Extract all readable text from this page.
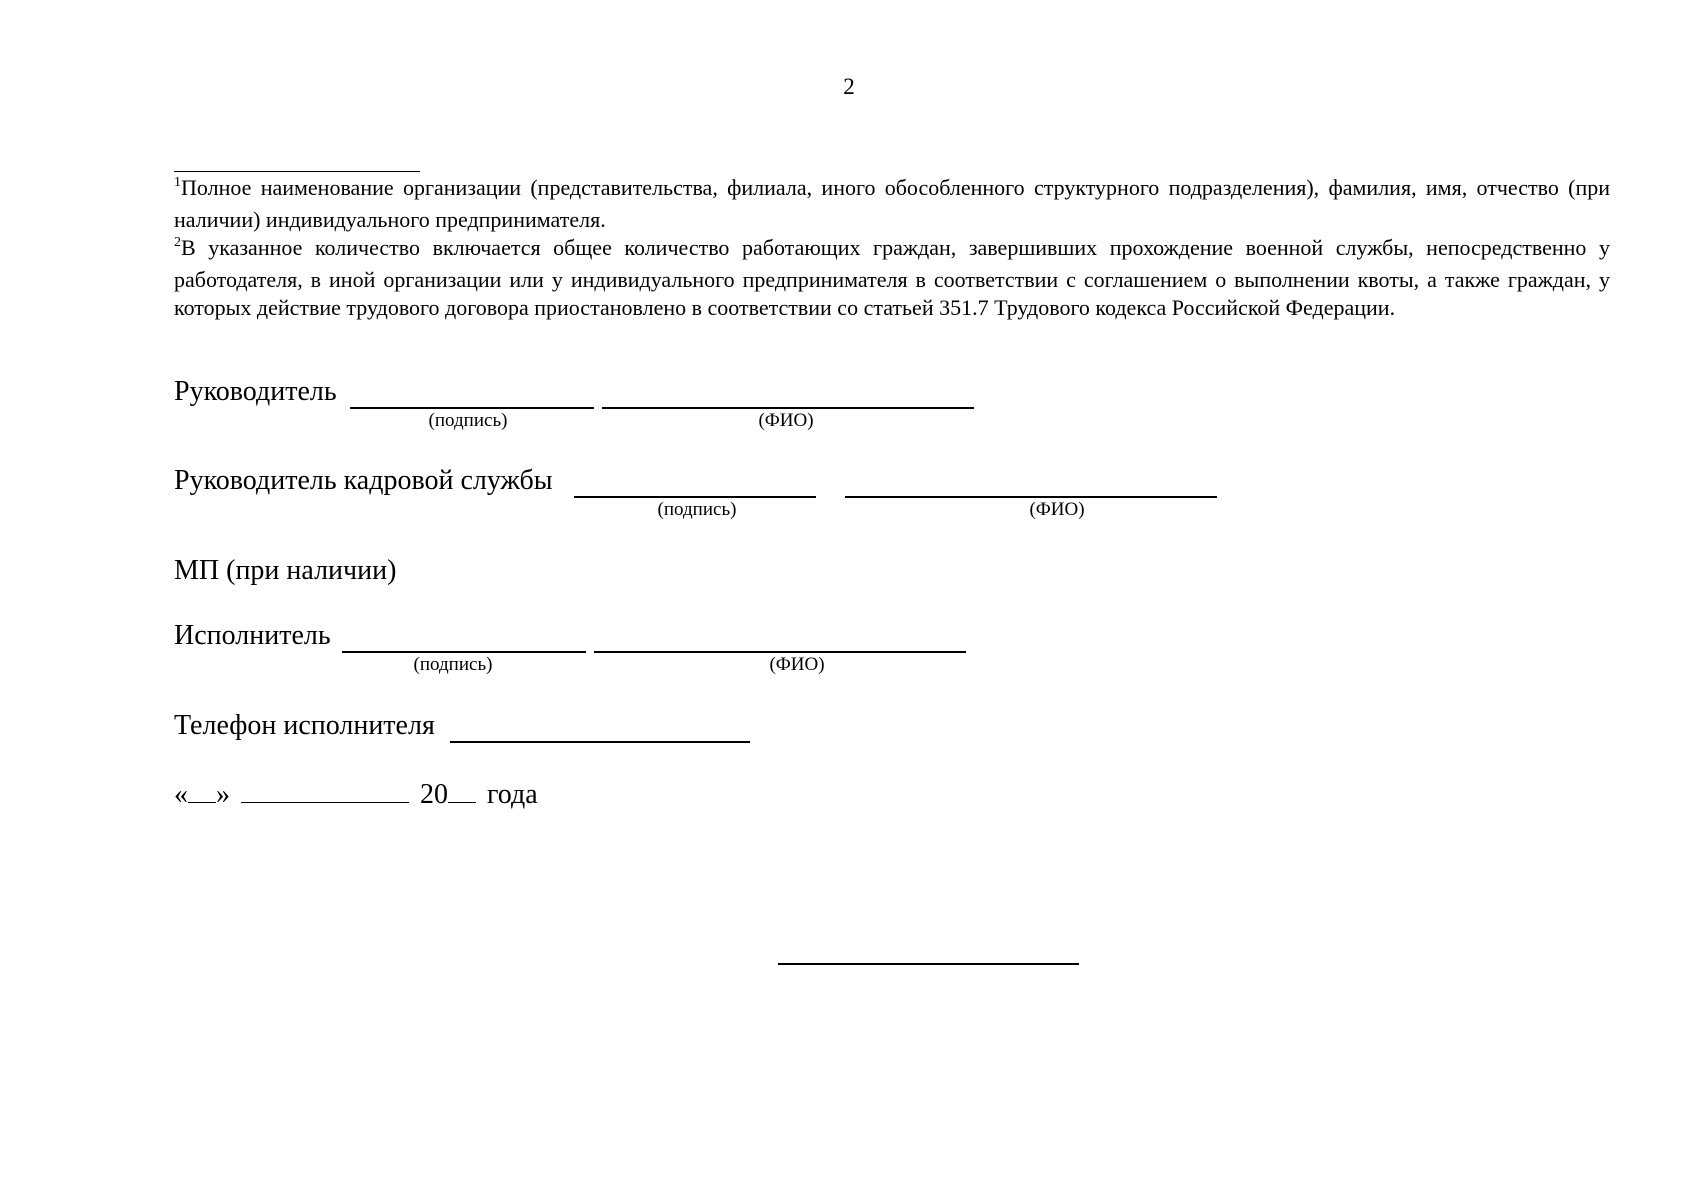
2

$^1$Полное наименование организации (представительства, филиала, иного обособленного структурного подразделения), фамилия, имя, отчество (при наличии) индивидуального предпринимателя.

$^2$В указанное количество включается общее количество работающих граждан, завершивших прохождение военной службы, непосредственно у работодателя, в иной организации или у индивидуального предпринимателя в соответствии с соглашением о выполнении квоты, а также граждан, у которых действие трудового договора приостановлено в соответствии со статьей 351.7 Трудового кодекса Российской Федерации.

Руководитель
(подпись)	(ФИО)
Руководитель кадровой службы
(подпись)	(ФИО)
МП (при наличии)
Исполнитель
(подпись)	(ФИО)
Телефон исполнителя
« »	20 года
